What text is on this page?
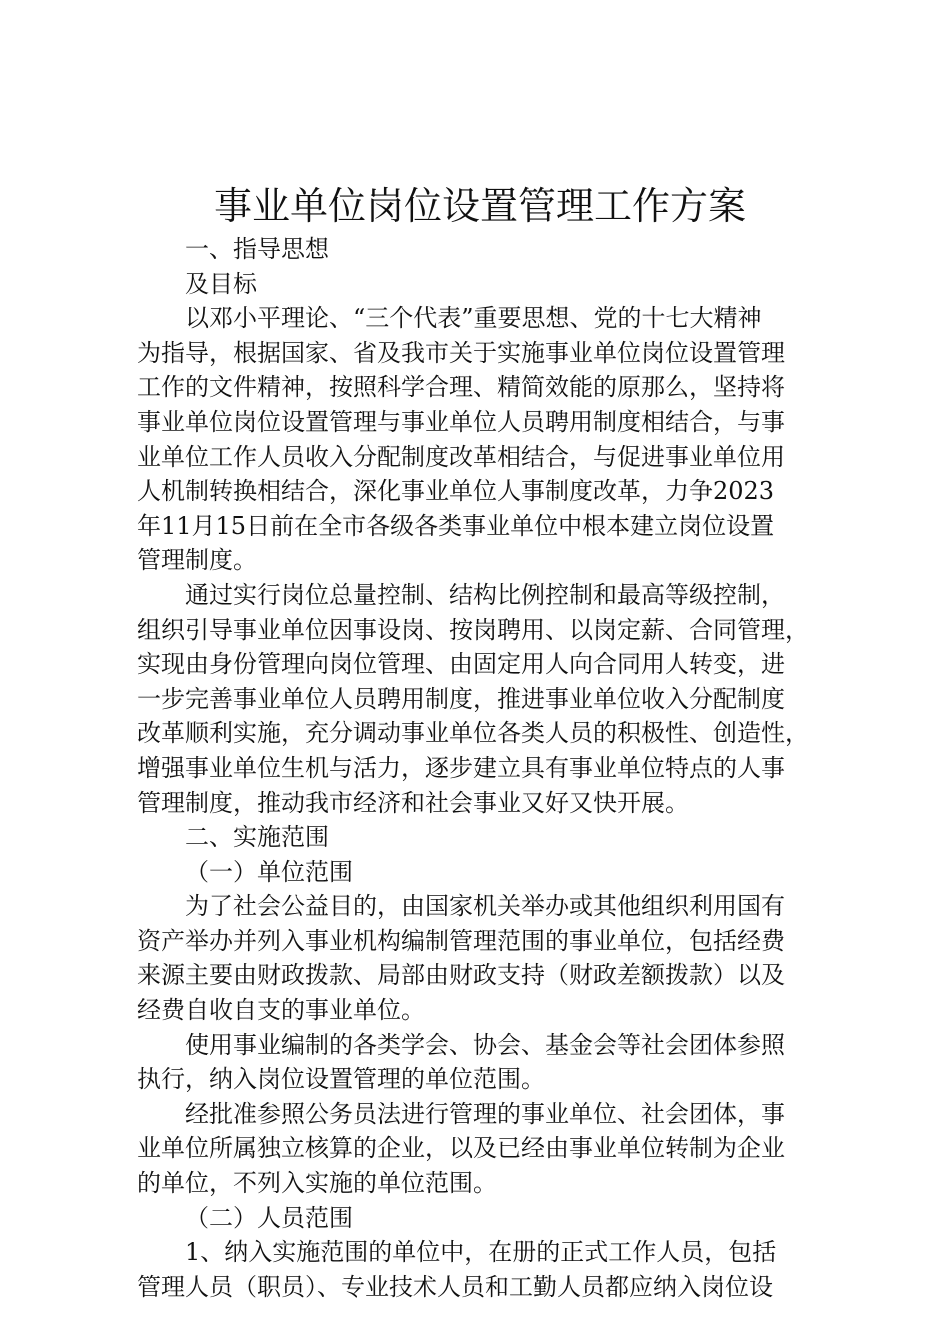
事业单位岗位设置管理工作方案
一、指导思想
及目标
以邓小平理论、“三个代表”重要思想、党的十七大精神
为指导，根据国家、省及我市关于实施事业单位岗位设置管理
工作的文件精神，按照科学合理、精简效能的原那么，坚持将
事业单位岗位设置管理与事业单位人员聘用制度相结合，与事
业单位工作人员收入分配制度改革相结合，与促进事业单位用
人机制转换相结合，深化事业单位人事制度改革，力争2023
年11月15日前在全市各级各类事业单位中根本建立岗位设置
管理制度。
通过实行岗位总量控制、结构比例控制和最高等级控制，
组织引导事业单位因事设岗、按岗聘用、以岗定薪、合同管理，
实现由身份管理向岗位管理、由固定用人向合同用人转变，进
一步完善事业单位人员聘用制度，推进事业单位收入分配制度
改革顺利实施，充分调动事业单位各类人员的积极性、创造性，
增强事业单位生机与活力，逐步建立具有事业单位特点的人事
管理制度，推动我市经济和社会事业又好又快开展。
二、实施范围
（一）单位范围
为了社会公益目的，由国家机关举办或其他组织利用国有
资产举办并列入事业机构编制管理范围的事业单位，包括经费
来源主要由财政拨款、局部由财政支持（财政差额拨款）以及
经费自收自支的事业单位。
使用事业编制的各类学会、协会、基金会等社会团体参照
执行，纳入岗位设置管理的单位范围。
经批准参照公务员法进行管理的事业单位、社会团体，事
业单位所属独立核算的企业，以及已经由事业单位转制为企业
的单位，不列入实施的单位范围。
（二）人员范围
1、纳入实施范围的单位中，在册的正式工作人员，包括
管理人员（职员）、专业技术人员和工勤人员都应纳入岗位设
